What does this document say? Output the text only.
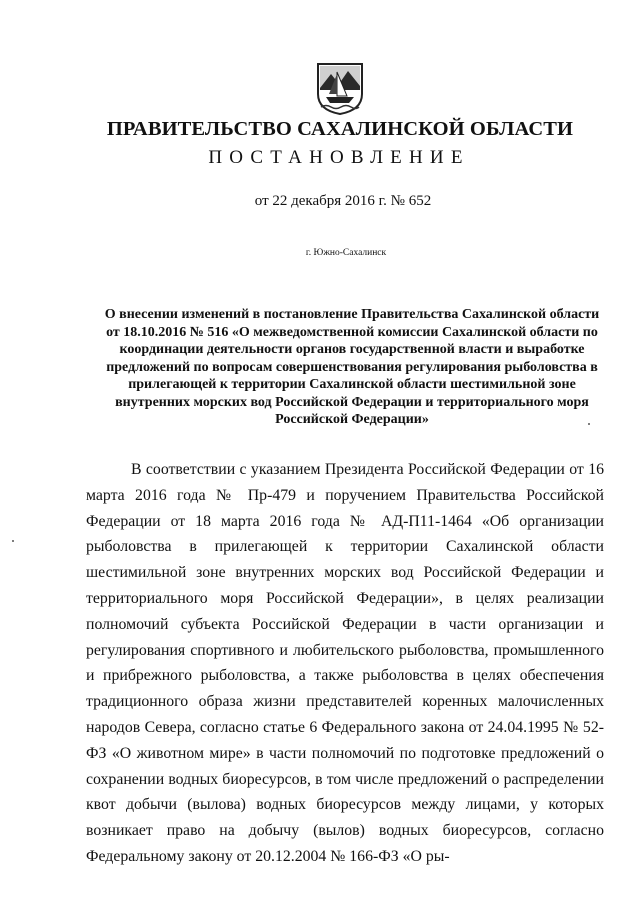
ПРАВИТЕЛЬСТВО САХАЛИНСКОЙ ОБЛАСТИ
ПОСТАНОВЛЕНИЕ
от 22 декабря 2016 г. № 652
г. Южно-Сахалинск
О внесении изменений в постановление Правительства Сахалинской области от 18.10.2016 № 516 «О межведомственной комиссии Сахалинской области по координации деятельности органов государственной власти и выработке предложений по вопросам совершенствования регулирования рыболовства в прилегающей к территории Сахалинской области шестимильной зоне внутренних морских вод Российской Федерации и территориального моря Российской Федерации»

В соответствии с указанием Президента Российской Федерации от 16 марта 2016 года № Пр-479 и поручением Правительства Российской Федерации от 18 марта 2016 года № АД-П11-1464 «Об организации рыболовства в прилегающей к территории Сахалинской области шестимильной зоне внутренних морских вод Российской Федерации и территориального моря Российской Федерации», в целях реализации полномочий субъекта Российской Федерации в части организации и регулирования спортивного и любительского рыболовства, промышленного и прибрежного рыболовства, а также рыболовства в целях обеспечения традиционного образа жизни представителей коренных малочисленных народов Севера, согласно статье 6 Федерального закона от 24.04.1995 № 52-ФЗ «О животном мире» в части полномочий по подготовке предложений о сохранении водных биоресурсов, в том числе предложений о распределении квот добычи (вылова) водных биоресурсов между лицами, у которых возникает право на добычу (вылов) водных биоресурсов, согласно Федеральному закону от 20.12.2004 № 166-ФЗ «О ры-
